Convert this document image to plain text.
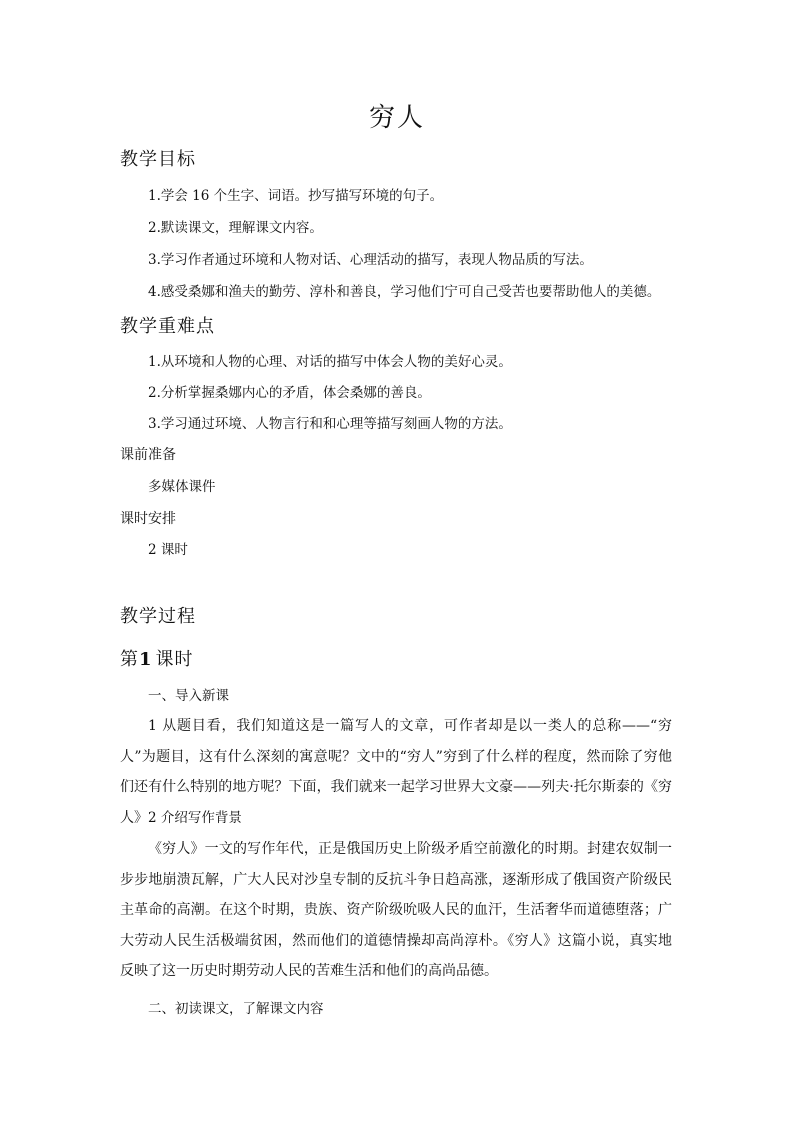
穷人
教学目标
1.学会 16 个生字、词语。抄写描写环境的句子。
2.默读课文，理解课文内容。
3.学习作者通过环境和人物对话、心理活动的描写，表现人物品质的写法。
4.感受桑娜和渔夫的勤劳、淳朴和善良，学习他们宁可自己受苦也要帮助他人的美德。
教学重难点
1.从环境和人物的心理、对话的描写中体会人物的美好心灵。
2.分析掌握桑娜内心的矛盾，体会桑娜的善良。
3.学习通过环境、人物言行和和心理等描写刻画人物的方法。
课前准备
多媒体课件
课时安排
2 课时
教学过程
第1 课时
一、导入新课
1 从题目看，我们知道这是一篇写人的文章，可作者却是以一类人的总称——“穷人”为题目，这有什么深刻的寓意呢？文中的“穷人”穷到了什么样的程度，然而除了穷他们还有什么特别的地方呢？下面，我们就来一起学习世界大文豪——列夫·托尔斯泰的《穷人》 2 介绍写作背景
《穷人》一文的写作年代，正是俄国历史上阶级矛盾空前激化的时期。封建农奴制一步步地崩溃瓦解，广大人民对沙皇专制的反抗斗争日趋高涨，逐渐形成了俄国资产阶级民主革命的高潮。在这个时期，贵族、资产阶级吮吸人民的血汗，生活奢华而道德堕落；广大劳动人民生活极端贫困，然而他们的道德情操却高尚淳朴。《穷人》这篇小说，真实地反映了这一历史时期劳动人民的苦难生活和他们的高尚品德。
二、初读课文，了解课文内容
